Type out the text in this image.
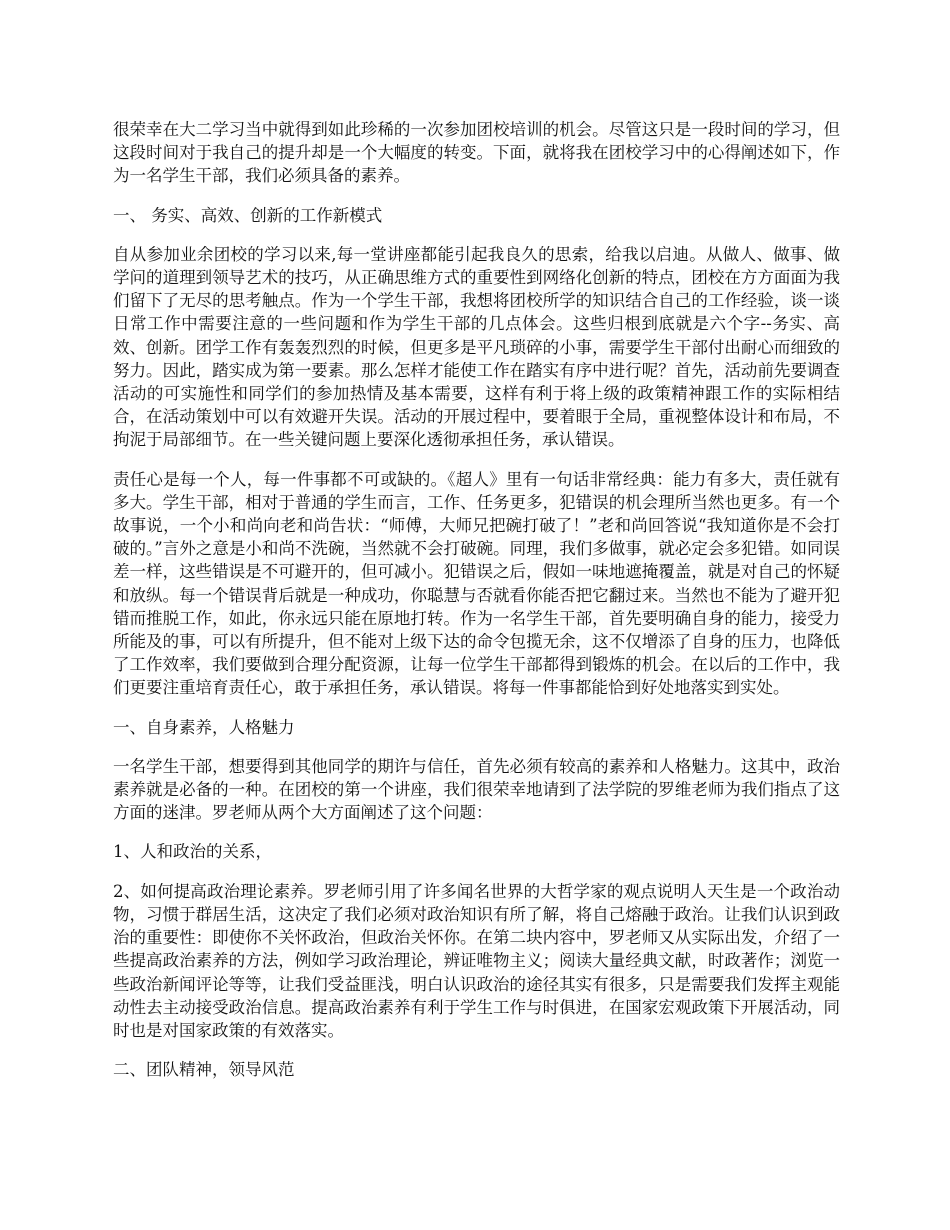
很荣幸在大二学习当中就得到如此珍稀的一次参加团校培训的机会。尽管这只是一段时间的学习，但这段时间对于我自己的提升却是一个大幅度的转变。下面，就将我在团校学习中的心得阐述如下，作为一名学生干部，我们必须具备的素养。

一、 务实、高效、创新的工作新模式

自从参加业余团校的学习以来,每一堂讲座都能引起我良久的思索，给我以启迪。从做人、做事、做学问的道理到领导艺术的技巧，从正确思维方式的重要性到网络化创新的特点，团校在方方面面为我们留下了无尽的思考触点。作为一个学生干部，我想将团校所学的知识结合自己的工作经验，谈一谈日常工作中需要注意的一些问题和作为学生干部的几点体会。这些归根到底就是六个字--务实、高效、创新。团学工作有轰轰烈烈的时候，但更多是平凡琐碎的小事，需要学生干部付出耐心而细致的努力。因此，踏实成为第一要素。那么怎样才能使工作在踏实有序中进行呢？首先，活动前先要调查活动的可实施性和同学们的参加热情及基本需要，这样有利于将上级的政策精神跟工作的实际相结合，在活动策划中可以有效避开失误。活动的开展过程中，要着眼于全局，重视整体设计和布局，不拘泥于局部细节。在一些关键问题上要深化透彻承担任务，承认错误。

责任心是每一个人，每一件事都不可或缺的。《超人》里有一句话非常经典：能力有多大，责任就有多大。学生干部，相对于普通的学生而言，工作、任务更多，犯错误的机会理所当然也更多。有一个故事说，一个小和尚向老和尚告状：“师傅，大师兄把碗打破了！”老和尚回答说“我知道你是不会打破的。”言外之意是小和尚不洗碗，当然就不会打破碗。同理，我们多做事，就必定会多犯错。如同误差一样，这些错误是不可避开的，但可减小。犯错误之后，假如一味地遮掩覆盖，就是对自己的怀疑和放纵。每一个错误背后就是一种成功，你聪慧与否就看你能否把它翻过来。当然也不能为了避开犯错而推脱工作，如此，你永远只能在原地打转。作为一名学生干部，首先要明确自身的能力，接受力所能及的事，可以有所提升，但不能对上级下达的命令包揽无余，这不仅增添了自身的压力，也降低了工作效率，我们要做到合理分配资源，让每一位学生干部都得到锻炼的机会。在以后的工作中，我们更要注重培育责任心，敢于承担任务，承认错误。将每一件事都能恰到好处地落实到实处。

一、自身素养，人格魅力

一名学生干部，想要得到其他同学的期许与信任，首先必须有较高的素养和人格魅力。这其中，政治素养就是必备的一种。在团校的第一个讲座，我们很荣幸地请到了法学院的罗维老师为我们指点了这方面的迷津。罗老师从两个大方面阐述了这个问题：

1、人和政治的关系，

2、如何提高政治理论素养。罗老师引用了许多闻名世界的大哲学家的观点说明人天生是一个政治动物，习惯于群居生活，这决定了我们必须对政治知识有所了解，将自己熔融于政治。让我们认识到政治的重要性：即使你不关怀政治，但政治关怀你。在第二块内容中，罗老师又从实际出发，介绍了一些提高政治素养的方法，例如学习政治理论，辨证唯物主义；阅读大量经典文献，时政著作；浏览一些政治新闻评论等等，让我们受益匪浅，明白认识政治的途径其实有很多，只是需要我们发挥主观能动性去主动接受政治信息。提高政治素养有利于学生工作与时俱进，在国家宏观政策下开展活动，同时也是对国家政策的有效落实。

二、团队精神，领导风范
